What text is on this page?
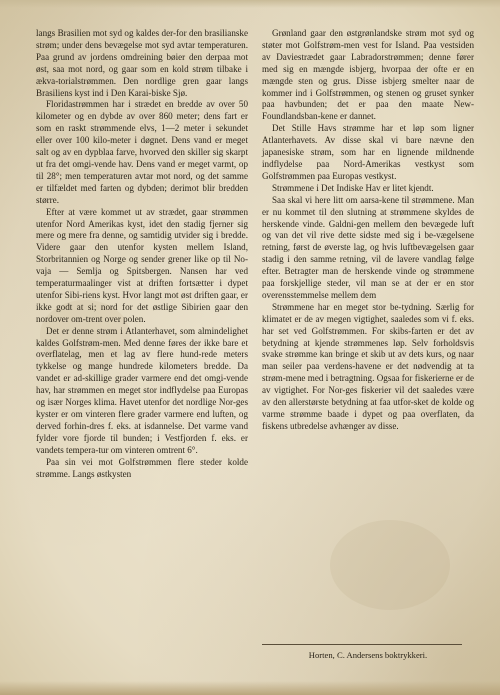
langs Brasilien mot syd og kaldes der-for den brasilianske strøm; under dens bevægelse mot syd avtar temperaturen. Paa grund av jordens omdreining bøier den derpaa mot øst, saa mot nord, og gaar som en kold strøm tilbake i ækva-torialstrømmen. Den nordlige gren gaar langs Brasiliens kyst ind i Den Karai-biske Sjø.

Floridastrømmen har i strædet en bredde av over 50 kilometer og en dybde av over 860 meter; dens fart er som en raskt strømmende elvs, 1—2 meter i sekundet eller over 100 kilo-meter i døgnet. Dens vand er meget salt og av en dypblaa farve, hvorved den skiller sig skarpt ut fra det omgi-vende hav. Dens vand er meget varmt, op til 28°; men temperaturen avtar mot nord, og det samme er tilfældet med farten og dybden; derimot blir bredden større.

Efter at være kommet ut av strædet, gaar strømmen utenfor Nord Amerikas kyst, idet den stadig fjerner sig mere og mere fra denne, og samtidig utvider sig i bredde. Videre gaar den utenfor kysten mellem Island, Storbritannien og Norge og sender grener like op til No-vaja — Semlja og Spitsbergen. Nansen har ved temperaturmaalinger vist at driften fortsætter i dypet utenfor Sibi-riens kyst. Hvor langt mot øst driften gaar, er ikke godt at si; nord for det østlige Sibirien gaar den nordover om-trent over polen.

Det er denne strøm i Atlanterhavet, som almindelighet kaldes Golfstrøm-men. Med denne føres der ikke bare et overflatelag, men et lag av flere hund-rede meters tykkelse og mange hundrede kilometers bredde. Da vandet er ad-skillige grader varmere end det omgi-vende hav, har strømmen en meget stor indflydelse paa Europas og især Norges klima. Havet utenfor det nordlige Nor-ges kyster er om vinteren flere grader varmere end luften, og derved forhin-dres f. eks. at isdannelse. Det varme vand fylder vore fjorde til bunden; i Vestfjorden f. eks. er vandets tempera-tur om vinteren omtrent 6°.

Paa sin vei mot Golfstrømmen flere steder kolde strømme. Langs østkysten

Grønland gaar den østgrønlandske strøm mot syd og støter mot Golfstrøm-men vest for Island. Paa vestsiden av Daviestrædet gaar Labradorstrømmen; denne fører med sig en mængde isbjerg, hvorpaa der ofte er en mængde sten og grus. Disse isbjerg smelter naar de kommer ind i Golfstrømmen, og stenen og gruset synker paa havbunden; det er paa den maate New-Foundlandsban-kene er dannet.

Det Stille Havs strømme har et løp som ligner Atlanterhavets. Av disse skal vi bare nævne den japanesiske strøm, som har en lignende mildnende indflydelse paa Nord-Amerikas vestkyst som Golfstrømmen paa Europas vestkyst.

Strømmene i Det Indiske Hav er litet kjendt.

Saa skal vi here litt om aarsa-kene til strømmene. Man er nu kommet til den slutning at strømmene skyldes de herskende vinde. Galdni-gen mellem den bevægede luft og van det vil rive dette sidste med sig i be-vægelsene retning, først de øverste lag, og hvis luftbevægelsen gaar stadig i den samme retning, vil de lavere vandlag følge efter. Betragter man de herskende vinde og strømmene paa forskjellige steder, vil man se at der er en stor overensstemmelse mellem dem

Strømmene har en meget stor be-tydning. Særlig for klimatet er de av megen vigtighet, saaledes som vi f. eks. har set ved Golfstrømmen. For skibs-farten er det av betydning at kjende strømmenes løp. Selv forholdsvis svake strømme kan bringe et skib ut av dets kurs, og naar man seiler paa verdens-havene er det nødvendig at ta strøm-mene med i betragtning. Ogsaa for fiskerierne er de av vigtighet. For Nor-ges fiskerier vil det saaledes være av den allerstørste betydning at faa utfor-sket de kolde og varme strømme baade i dypet og paa overflaten, da fiskens utbredelse avhænger av disse.

Horten, C. Andersens boktrykkeri.
